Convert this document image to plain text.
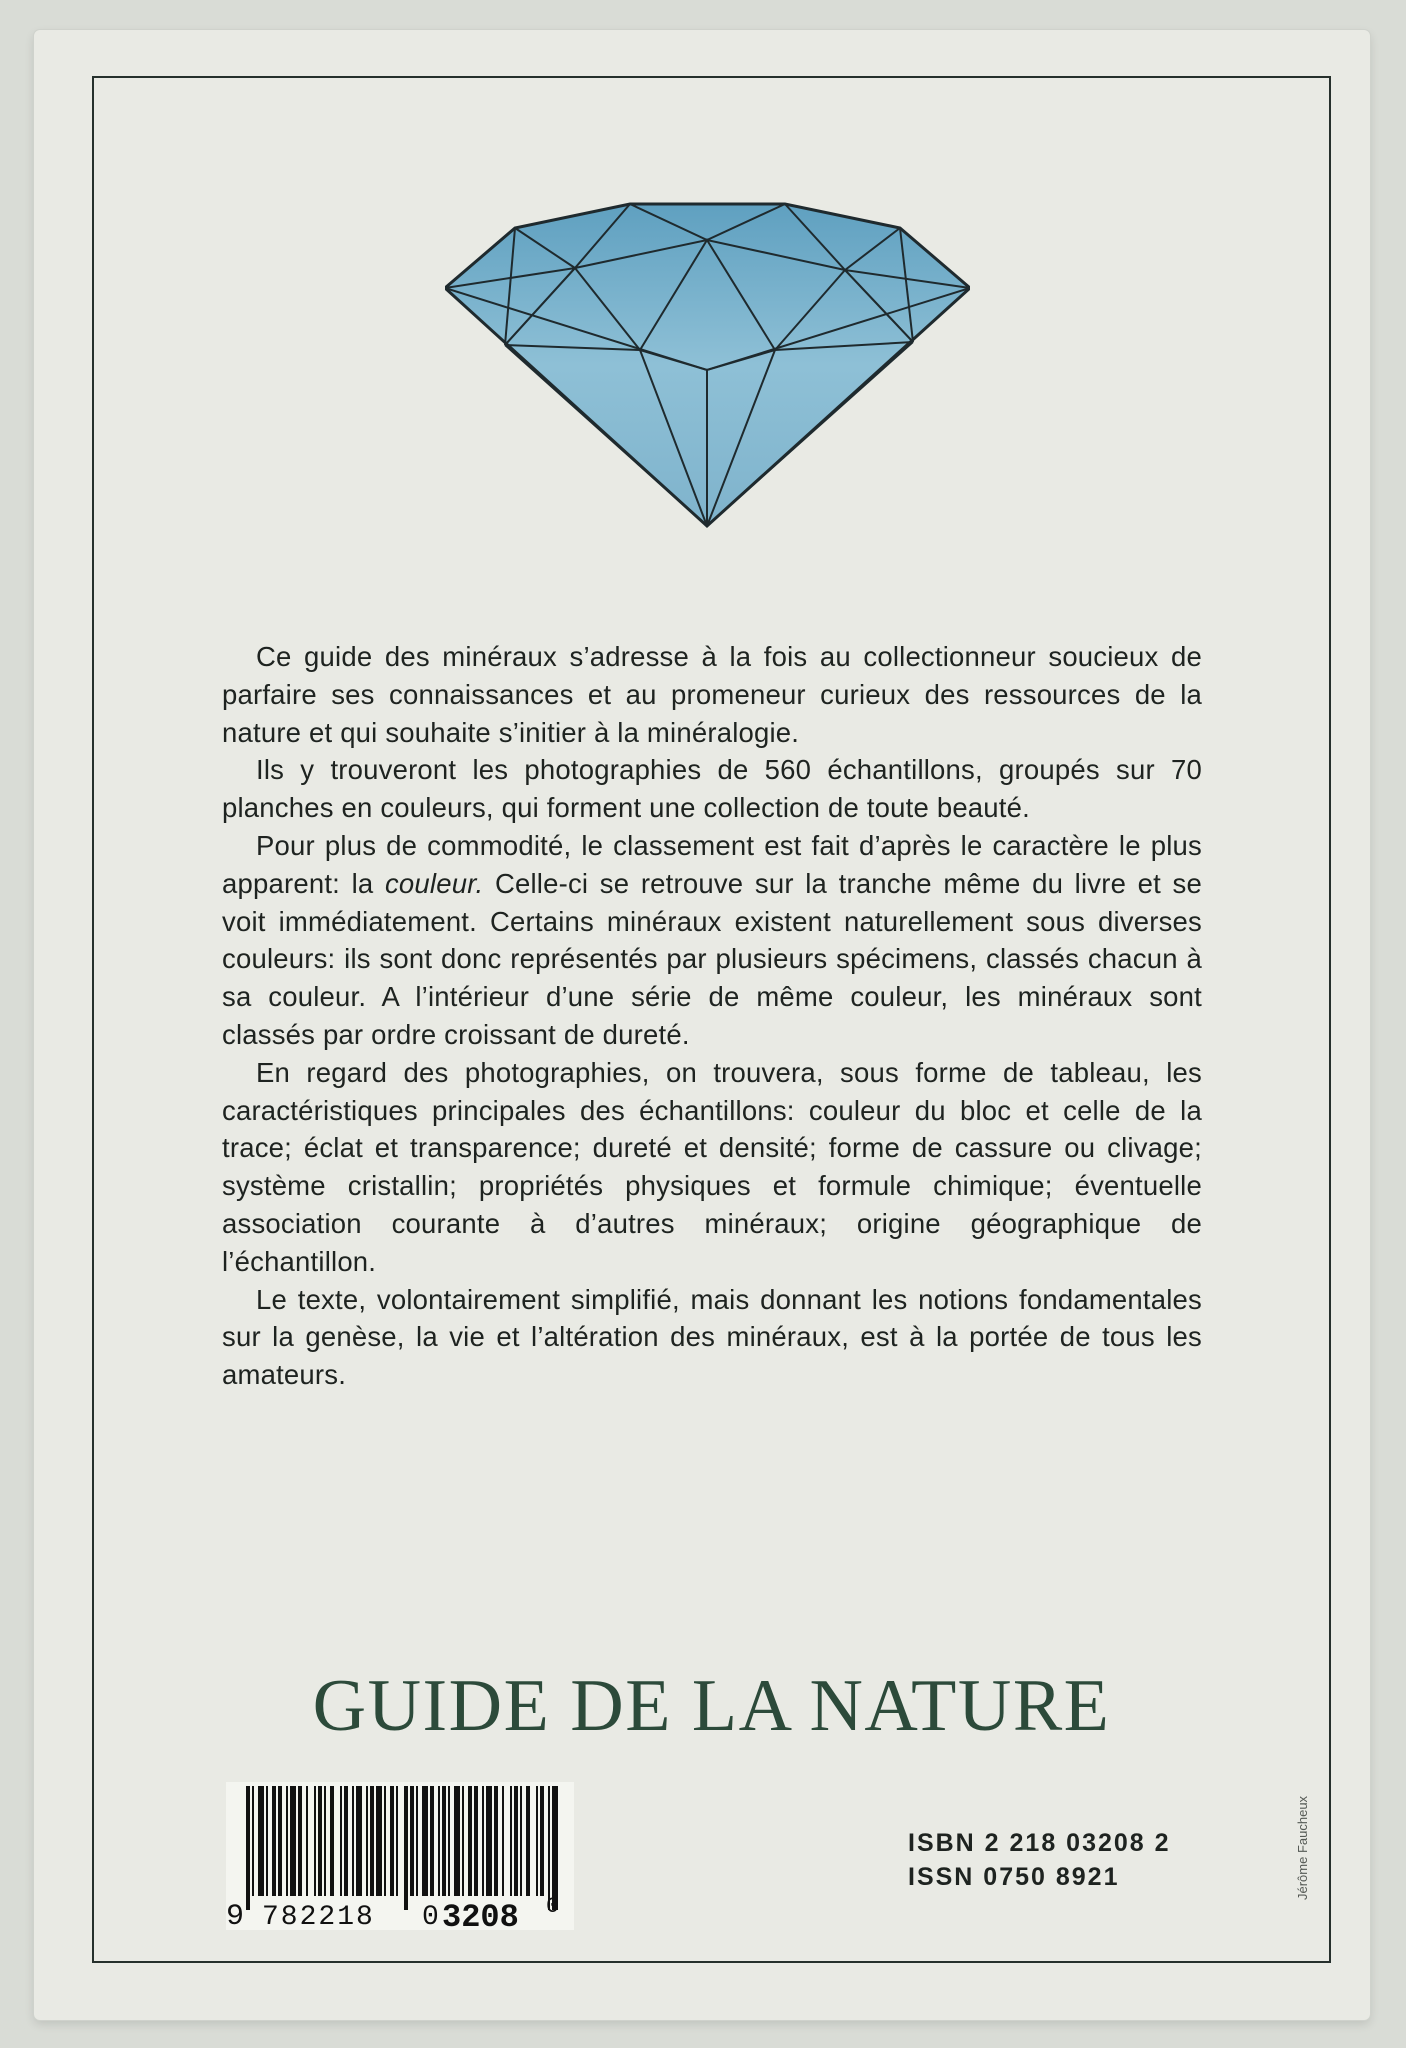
Ce guide des minéraux s’adresse à la fois au collectionneur soucieux de parfaire ses connaissances et au promeneur curieux des ressources de la nature et qui souhaite s’initier à la minéralogie.

Ils y trouveront les photographies de 560 échantillons, groupés sur 70 planches en couleurs, qui forment une collection de toute beauté.

Pour plus de commodité, le classement est fait d’après le caractère le plus apparent: la couleur. Celle-ci se retrouve sur la tranche même du livre et se voit immédiatement. Certains minéraux existent naturellement sous diverses couleurs: ils sont donc représentés par plusieurs spécimens, classés chacun à sa couleur. A l’intérieur d’une série de même couleur, les minéraux sont classés par ordre croissant de dureté.

En regard des photographies, on trouvera, sous forme de tableau, les caractéristiques principales des échantillons: couleur du bloc et celle de la trace; éclat et transparence; dureté et densité; forme de cassure ou clivage; système cristallin; propriétés physiques et formule chimique; éventuelle association courante à d’autres minéraux; origine géographique de l’échantillon.

Le texte, volontairement simplifié, mais donnant les notions fondamentales sur la genèse, la vie et l’altération des minéraux, est à la portée de tous les amateurs.

GUIDE DE LA NATURE
9 782218 0 3208 0
ISBN 2 218 03208 2
ISSN 0750 8921	Jérôme Faucheux
